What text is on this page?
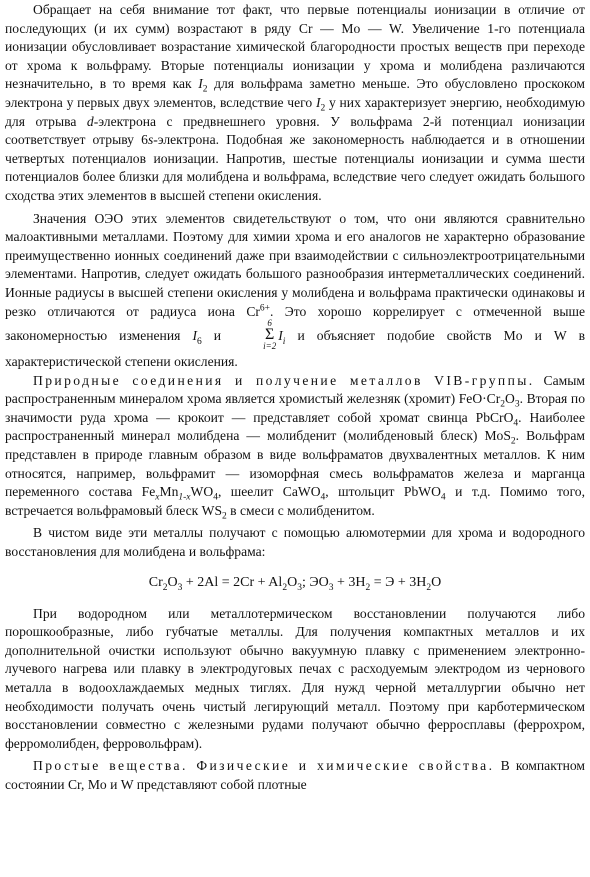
Обращает на себя внимание тот факт, что первые потенциалы ионизации в отличие от последующих (и их сумм) возрастают в ряду Cr — Mo — W. Увеличение 1-го потенциала ионизации обусловливает возрастание химической благородности простых веществ при переходе от хрома к вольфраму. Вторые потенциалы ионизации у хрома и молибдена различаются незначительно, в то время как $I_2$ для вольфрама заметно меньше. Это обусловлено проскоком электрона у первых двух элементов, вследствие чего $I_2$ у них характеризует энергию, необходимую для отрыва d-электрона с предвнешнего уровня. У вольфрама 2-й потенциал ионизации соответствует отрыву 6s-электрона. Подобная же закономерность наблюдается и в отношении четвертых потенциалов ионизации. Напротив, шестые потенциалы ионизации и сумма шести потенциалов более близки для молибдена и вольфрама, вследствие чего следует ожидать большого сходства этих элементов в высшей степени окисления.

Значения ОЭО этих элементов свидетельствуют о том, что они являются сравнительно малоактивными металлами. Поэтому для химии хрома и его аналогов не характерно образование преимущественно ионных соединений даже при взаимодействии с сильноэлектроотрицательными элементами. Напротив, следует ожидать большого разнообразия интерметаллических соединений. Ионные радиусы в высшей степени окисления у молибдена и вольфрама практически одинаковы и резко отличаются от радиуса иона $Cr^{6+}$. Это хорошо коррелирует с отмеченной выше закономерностью изменения $I_6$ и
6
Σ
i=2
$I_i$ и объясняет подобие свойств Mo и W в характеристической степени окисления.

Природные соединения и получение металлов VIB-группы. Самым распространенным минералом хрома является хромистый железняк (хромит) $FeO\cdot Cr_2O_3$. Вторая по значимости руда хрома — крокоит — представляет собой хромат свинца PbCrO$_4$. Наиболее распространенный минерал молибдена — молибденит (молибденовый блеск) MoS$_2$. Вольфрам представлен в природе главным образом в виде вольфраматов двухвалентных металлов. К ним относятся, например, вольфрамит — изоморфная смесь вольфраматов железа и марганца переменного состава $Fe_xMn_{1-x}WO_4$, шеелит CaWO$_4$, штольцит PbWO$_4$ и т.д. Помимо того, встречается вольфрамовый блеск $WS_2$ в смеси с молибденитом.

В чистом виде эти металлы получают с помощью алюмотермии для хрома и водородного восстановления для молибдена и вольфрама:

$Cr_2O_3 + 2Al = 2Cr + Al_2O_3$; $ЭO_3 + 3H_2 = Э + 3H_2O$

При водородном или металлотермическом восстановлении получаются либо порошкообразные, либо губчатые металлы. Для получения компактных металлов и их дополнительной очистки используют обычно вакуумную плавку с применением электронно-лучевого нагрева или плавку в электродуговых печах с расходуемым электродом из чернового металла в водоохлаждаемых медных тиглях. Для нужд черной металлургии обычно нет необходимости получать очень чистый легирующий металл. Поэтому при карботермическом восстановлении совместно с железными рудами получают обычно ферросплавы (феррохром, ферромолибден, ферровольфрам).

Простые вещества. Физические и химические свойства. В компактном состоянии Cr, Mo и W представляют собой плотные
